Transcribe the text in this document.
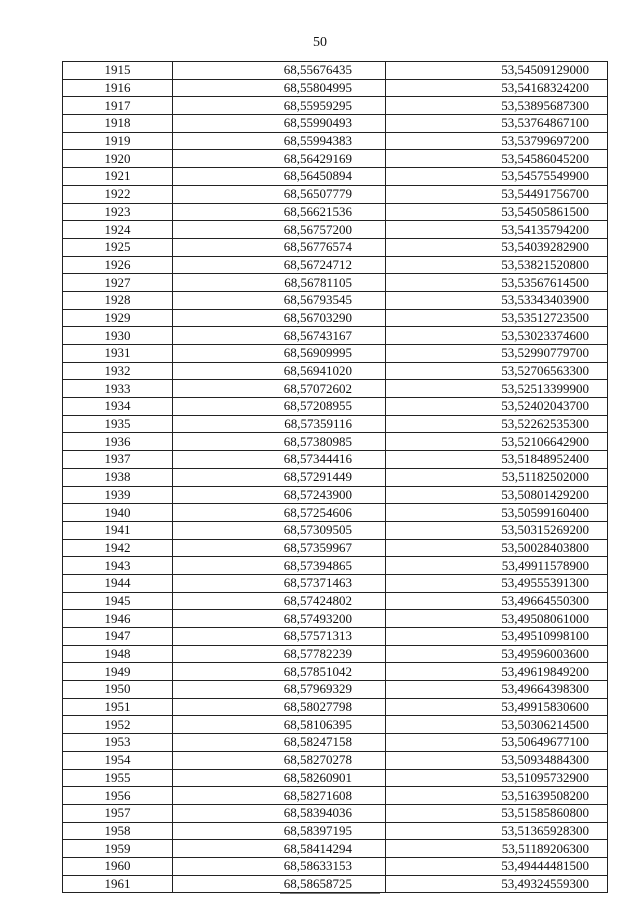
50
1915	68,55676435	53,54509129000
1916	68,55804995	53,54168324200
1917	68,55959295	53,53895687300
1918	68,55990493	53,53764867100
1919	68,55994383	53,53799697200
1920	68,56429169	53,54586045200
1921	68,56450894	53,54575549900
1922	68,56507779	53,54491756700
1923	68,56621536	53,54505861500
1924	68,56757200	53,54135794200
1925	68,56776574	53,54039282900
1926	68,56724712	53,53821520800
1927	68,56781105	53,53567614500
1928	68,56793545	53,53343403900
1929	68,56703290	53,53512723500
1930	68,56743167	53,53023374600
1931	68,56909995	53,52990779700
1932	68,56941020	53,52706563300
1933	68,57072602	53,52513399900
1934	68,57208955	53,52402043700
1935	68,57359116	53,52262535300
1936	68,57380985	53,52106642900
1937	68,57344416	53,51848952400
1938	68,57291449	53,51182502000
1939	68,57243900	53,50801429200
1940	68,57254606	53,50599160400
1941	68,57309505	53,50315269200
1942	68,57359967	53,50028403800
1943	68,57394865	53,49911578900
1944	68,57371463	53,49555391300
1945	68,57424802	53,49664550300
1946	68,57493200	53,49508061000
1947	68,57571313	53,49510998100
1948	68,57782239	53,49596003600
1949	68,57851042	53,49619849200
1950	68,57969329	53,49664398300
1951	68,58027798	53,49915830600
1952	68,58106395	53,50306214500
1953	68,58247158	53,50649677100
1954	68,58270278	53,50934884300
1955	68,58260901	53,51095732900
1956	68,58271608	53,51639508200
1957	68,58394036	53,51585860800
1958	68,58397195	53,51365928300
1959	68,58414294	53,51189206300
1960	68,58633153	53,49444481500
1961	68,58658725	53,49324559300
